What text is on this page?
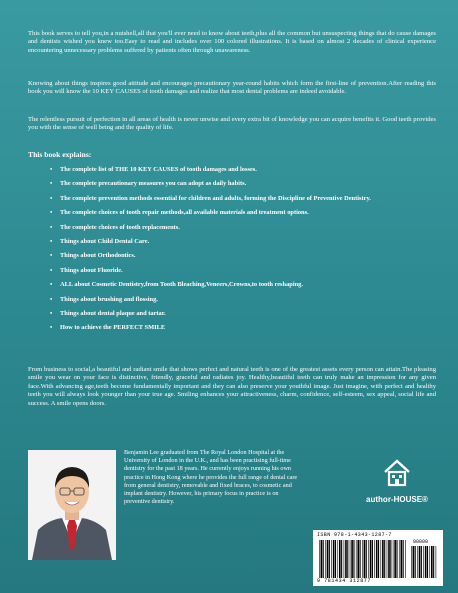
This book serves to tell you,in a nutshell,all that you'll ever need to know about teeth,plus all the common but unsuspecting things that do cause damages and dentists wished you knew too.Easy to read and includes over 100 colored illustrations. It is based on almost 2 decades of clinical experience encountering unnecessary problems suffered by patients often through unawareness.

Knowing about things inspires good attitude and encourages precautionary year-round habits which form the first-line of prevention.After reading this book you will know the 10 KEY CAUSES of tooth damages and realize that most dental problems are indeed avoidable.

The relentless pursuit of perfection in all areas of health is never unwise and every extra bit of knowledge you can acquire benefits it. Good teeth provides you with the sense of well being and the quality of life.

This book explains:

• The complete list of THE 10 KEY CAUSES of tooth damages and losses.
• The complete precautionary measures you can adopt as daily habits.
• The complete prevention methods essential for children and adults, forming the Discipline of Preventive Dentistry.
• The complete choices of tooth repair methods,all available materials and treatment options.
• The complete choices of tooth replacements.
• Things about Child Dental Care.
• Things about Orthodontics.
• Things about Fluoride.
• ALL about Cosmetic Dentistry,from Tooth Bleaching,Veneers,Crowns,to tooth reshaping.
• Things about brushing and flossing.
• Things about dental plaque and tartar.
• How to achieve the PERFECT SMILE

From business to social,a beautiful and radiant smile that shows perfect and natural teeth is one of the greatest assets every person can attain.The pleasing smile you wear on your face is distinctive, friendly, graceful and radiates joy. Healthy,beautiful teeth can truly make an impression for any given face.With advancing age,teeth become fundamentally important and they can also preserve your youthful image. Just imagine, with perfect and healthy teeth you will always look younger than your true age. Smiling enhances your attractiveness, charm, confidence, self-esteem, sex appeal, social life and success. A smile opens doors.

Benjamin Lee graduated from The Royal London Hospital at the University of London in the U.K., and has been practising full-time dentistry for the past 18 years. He currently enjoys running his own practice in Hong Kong where he provides the full range of dental care from general dentistry, removable and fixed braces, to cosmetic and implant dentistry. However, his primary focus in practice is on preventive dentistry.	author-HOUSE®
ISBN 978-1-4343-1287-7
90000
9 781434 312877
